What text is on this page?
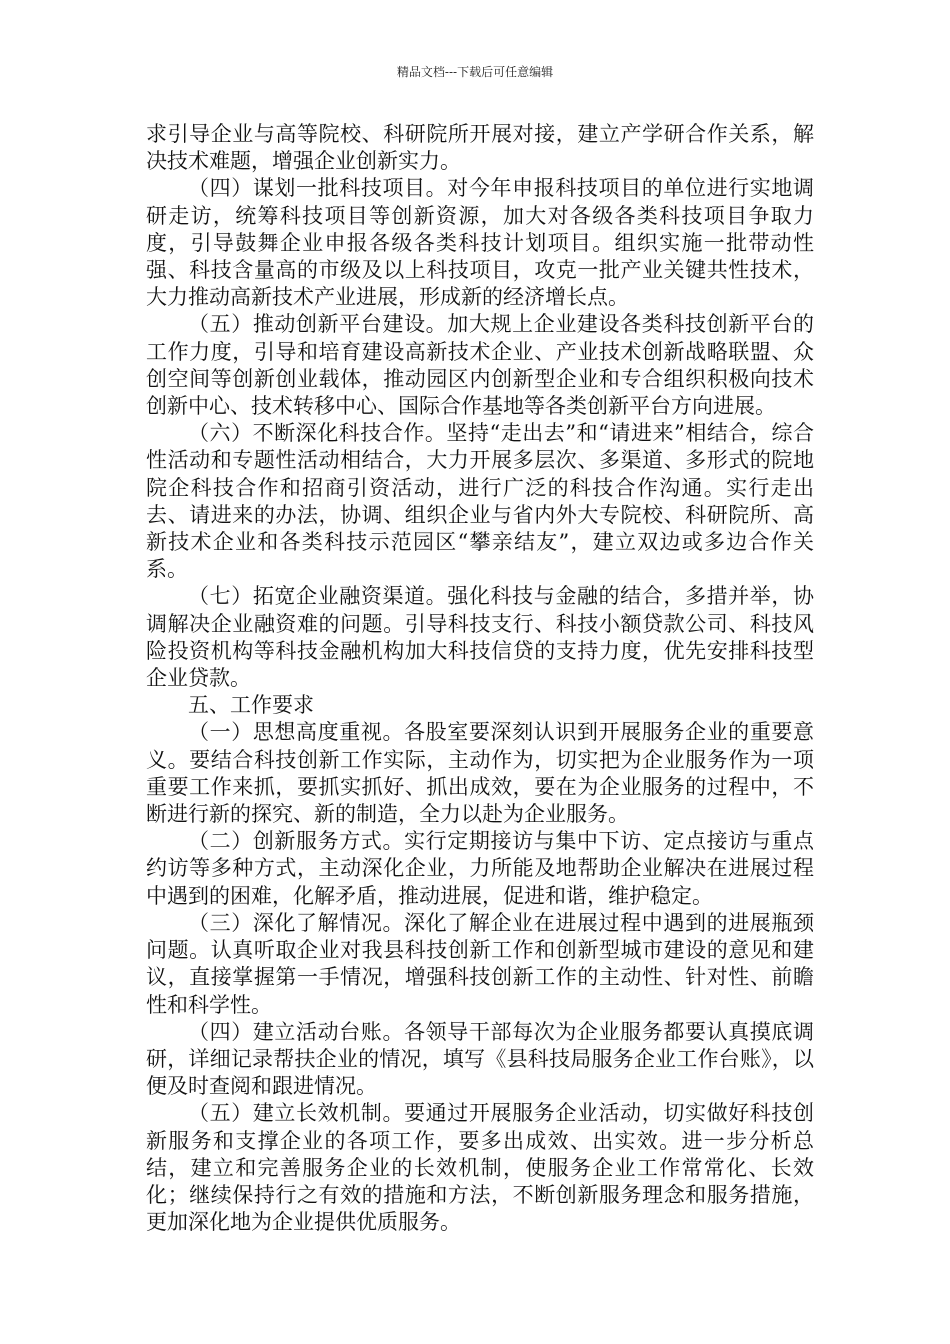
精品文档---下载后可任意编辑

求引导企业与高等院校、科研院所开展对接，建立产学研合作关系，解决技术难题，增强企业创新实力。

（四）谋划一批科技项目。对今年申报科技项目的单位进行实地调研走访，统筹科技项目等创新资源，加大对各级各类科技项目争取力度，引导鼓舞企业申报各级各类科技计划项目。组织实施一批带动性强、科技含量高的市级及以上科技项目，攻克一批产业关键共性技术，大力推动高新技术产业进展，形成新的经济增长点。

（五）推动创新平台建设。加大规上企业建设各类科技创新平台的工作力度，引导和培育建设高新技术企业、产业技术创新战略联盟、众创空间等创新创业载体，推动园区内创新型企业和专合组织积极向技术创新中心、技术转移中心、国际合作基地等各类创新平台方向进展。

（六）不断深化科技合作。坚持“走出去”和“请进来”相结合，综合性活动和专题性活动相结合，大力开展多层次、多渠道、多形式的院地院企科技合作和招商引资活动，进行广泛的科技合作沟通。实行走出去、请进来的办法，协调、组织企业与省内外大专院校、科研院所、高新技术企业和各类科技示范园区“攀亲结友”，建立双边或多边合作关系。

（七）拓宽企业融资渠道。强化科技与金融的结合，多措并举，协调解决企业融资难的问题。引导科技支行、科技小额贷款公司、科技风险投资机构等科技金融机构加大科技信贷的支持力度，优先安排科技型企业贷款。

五、工作要求

（一）思想高度重视。各股室要深刻认识到开展服务企业的重要意义。要结合科技创新工作实际，主动作为，切实把为企业服务作为一项重要工作来抓，要抓实抓好、抓出成效，要在为企业服务的过程中，不断进行新的探究、新的制造，全力以赴为企业服务。

（二）创新服务方式。实行定期接访与集中下访、定点接访与重点约访等多种方式，主动深化企业，力所能及地帮助企业解决在进展过程中遇到的困难，化解矛盾，推动进展，促进和谐，维护稳定。

（三）深化了解情况。深化了解企业在进展过程中遇到的进展瓶颈问题。认真听取企业对我县科技创新工作和创新型城市建设的意见和建议，直接掌握第一手情况，增强科技创新工作的主动性、针对性、前瞻性和科学性。

（四）建立活动台账。各领导干部每次为企业服务都要认真摸底调研，详细记录帮扶企业的情况，填写《县科技局服务企业工作台账》，以便及时查阅和跟进情况。

（五）建立长效机制。要通过开展服务企业活动，切实做好科技创新服务和支撑企业的各项工作，要多出成效、出实效。进一步分析总结，建立和完善服务企业的长效机制，使服务企业工作常常化、长效化；继续保持行之有效的措施和方法，不断创新服务理念和服务措施，更加深化地为企业提供优质服务。
